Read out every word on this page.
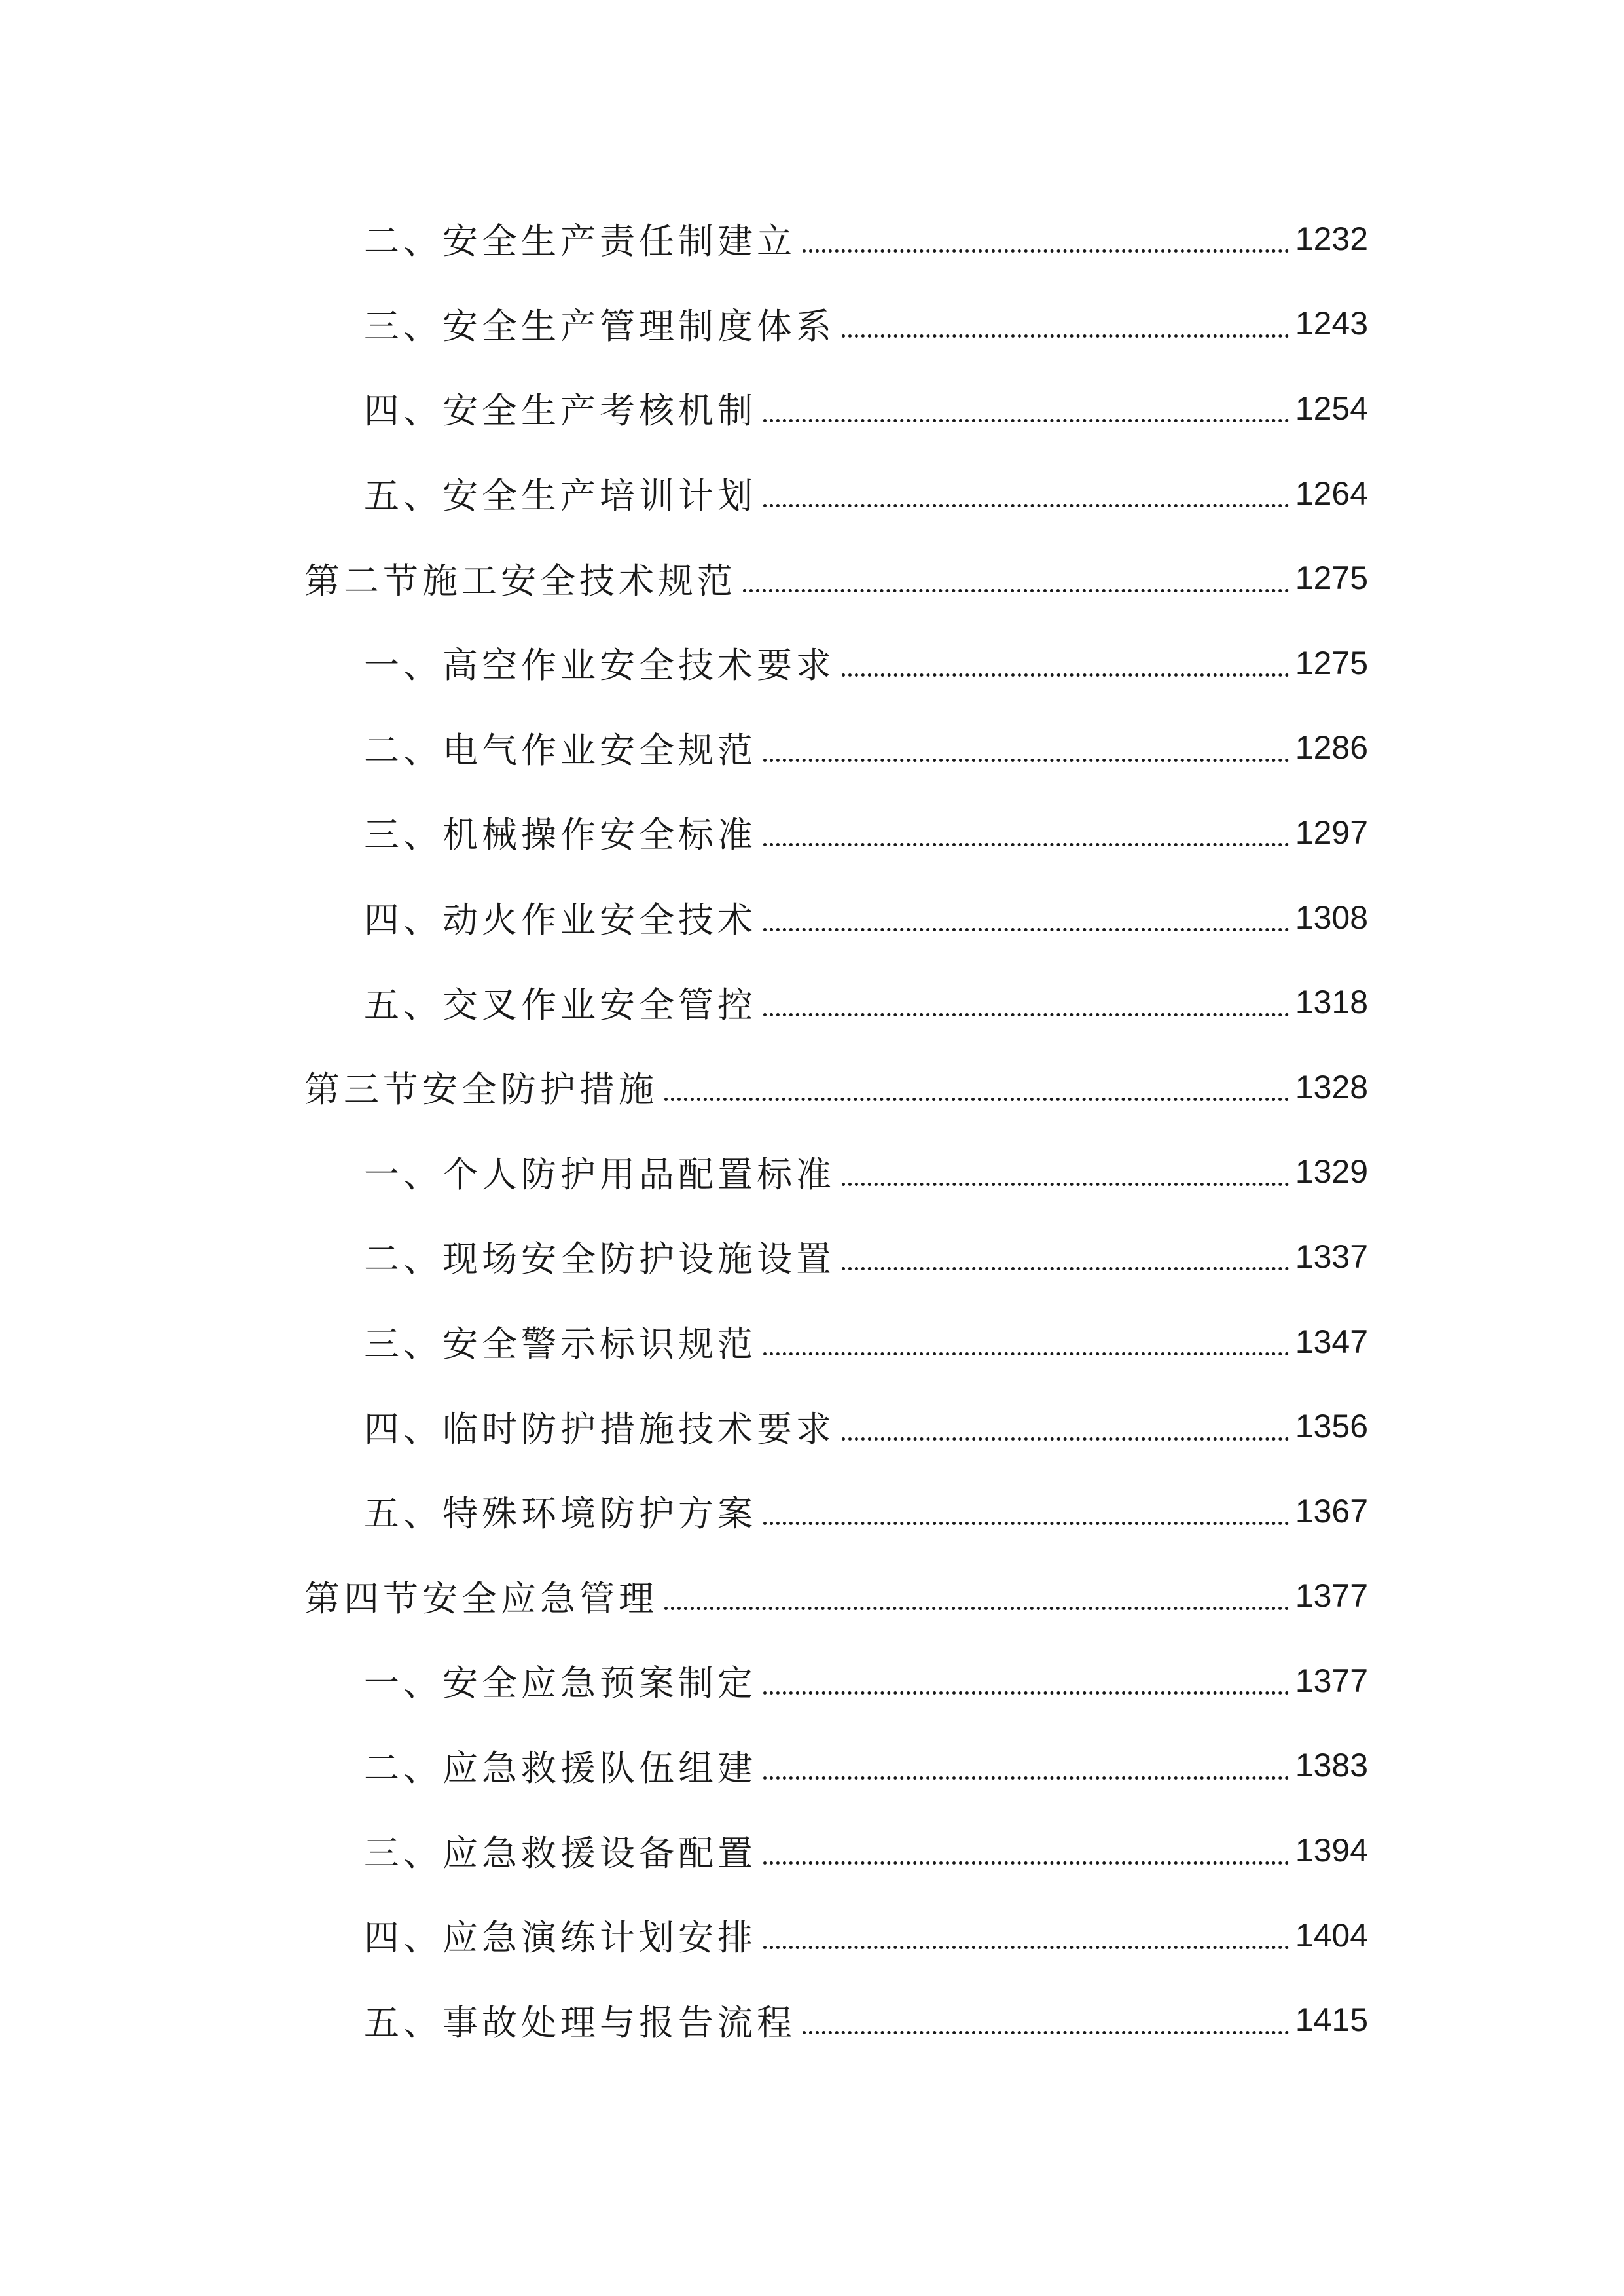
二、安全生产责任制建立	1232
三、安全生产管理制度体系	1243
四、安全生产考核机制	1254
五、安全生产培训计划	1264
第二节施工安全技术规范	1275
一、高空作业安全技术要求	1275
二、电气作业安全规范	1286
三、机械操作安全标准	1297
四、动火作业安全技术	1308
五、交叉作业安全管控	1318
第三节安全防护措施	1328
一、个人防护用品配置标准	1329
二、现场安全防护设施设置	1337
三、安全警示标识规范	1347
四、临时防护措施技术要求	1356
五、特殊环境防护方案	1367
第四节安全应急管理	1377
一、安全应急预案制定	1377
二、应急救援队伍组建	1383
三、应急救援设备配置	1394
四、应急演练计划安排	1404
五、事故处理与报告流程	1415
